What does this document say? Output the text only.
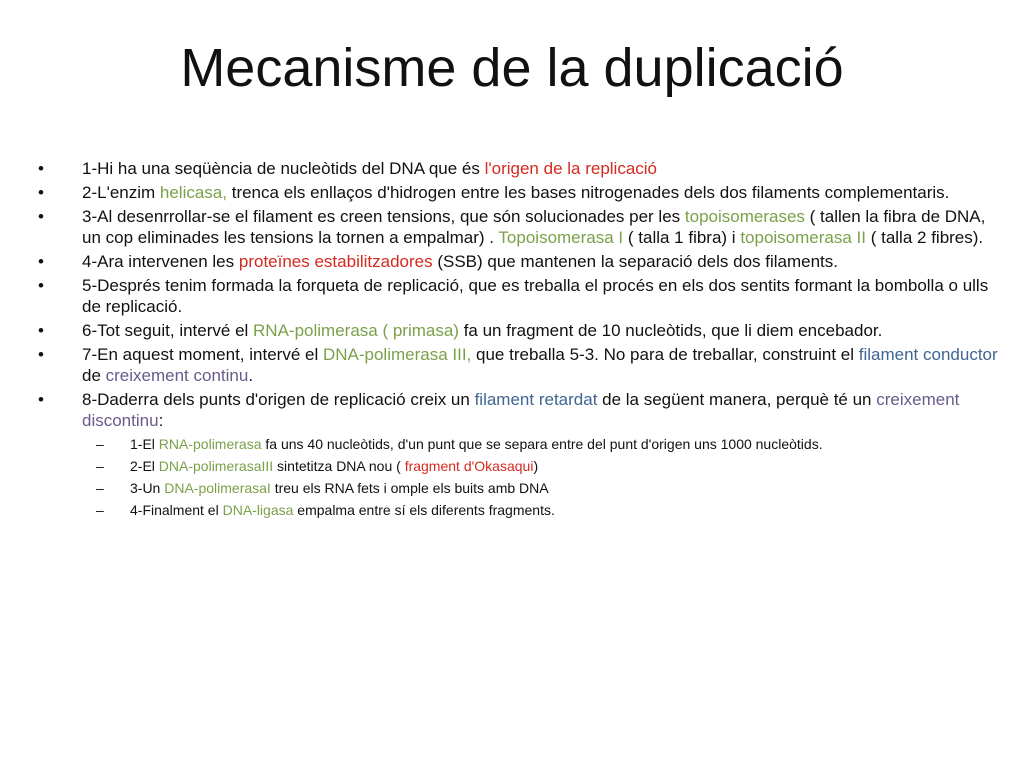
Mecanisme de la duplicació
• 1-Hi ha una seqüència de nucleòtids del DNA que és l'origen de la replicació
• 2-L'enzim helicasa, trenca els enllaços d'hidrogen entre les bases nitrogenades dels dos filaments complementaris.
• 3-Al desenrrollar-se el filament es creen tensions, que són solucionades per les topoisomerases ( tallen la fibra de DNA, un cop eliminades les tensions la tornen a empalmar) . Topoisomerasa I ( talla 1 fibra) i topoisomerasa II ( talla 2 fibres).
• 4-Ara intervenen les proteïnes estabilitzadores (SSB) que mantenen la separació dels dos filaments.
• 5-Després tenim formada la forqueta de replicació, que es treballa el procés en els dos sentits formant la bombolla o ulls de replicació.
• 6-Tot seguit, intervé el RNA-polimerasa ( primasa) fa un fragment de 10 nucleòtids, que li diem encebador.
• 7-En aquest moment, intervé el DNA-polimerasa III, que treballa 5-3. No para de treballar, construint el filament conductor de creixement continu.
• 8-Daderra dels punts d'origen de replicació creix un filament retardat de la següent manera, perquè té un creixement discontinu:
– 1-El RNA-polimerasa fa uns 40 nucleòtids, d'un punt que se separa entre del punt d'origen uns 1000 nucleòtids.
– 2-El DNA-polimerasaIII sintetitza DNA nou ( fragment d'Okasaqui)
– 3-Un DNA-polimerasaI treu els RNA fets i omple els buits amb DNA
– 4-Finalment el DNA-ligasa empalma entre sí els diferents fragments.
